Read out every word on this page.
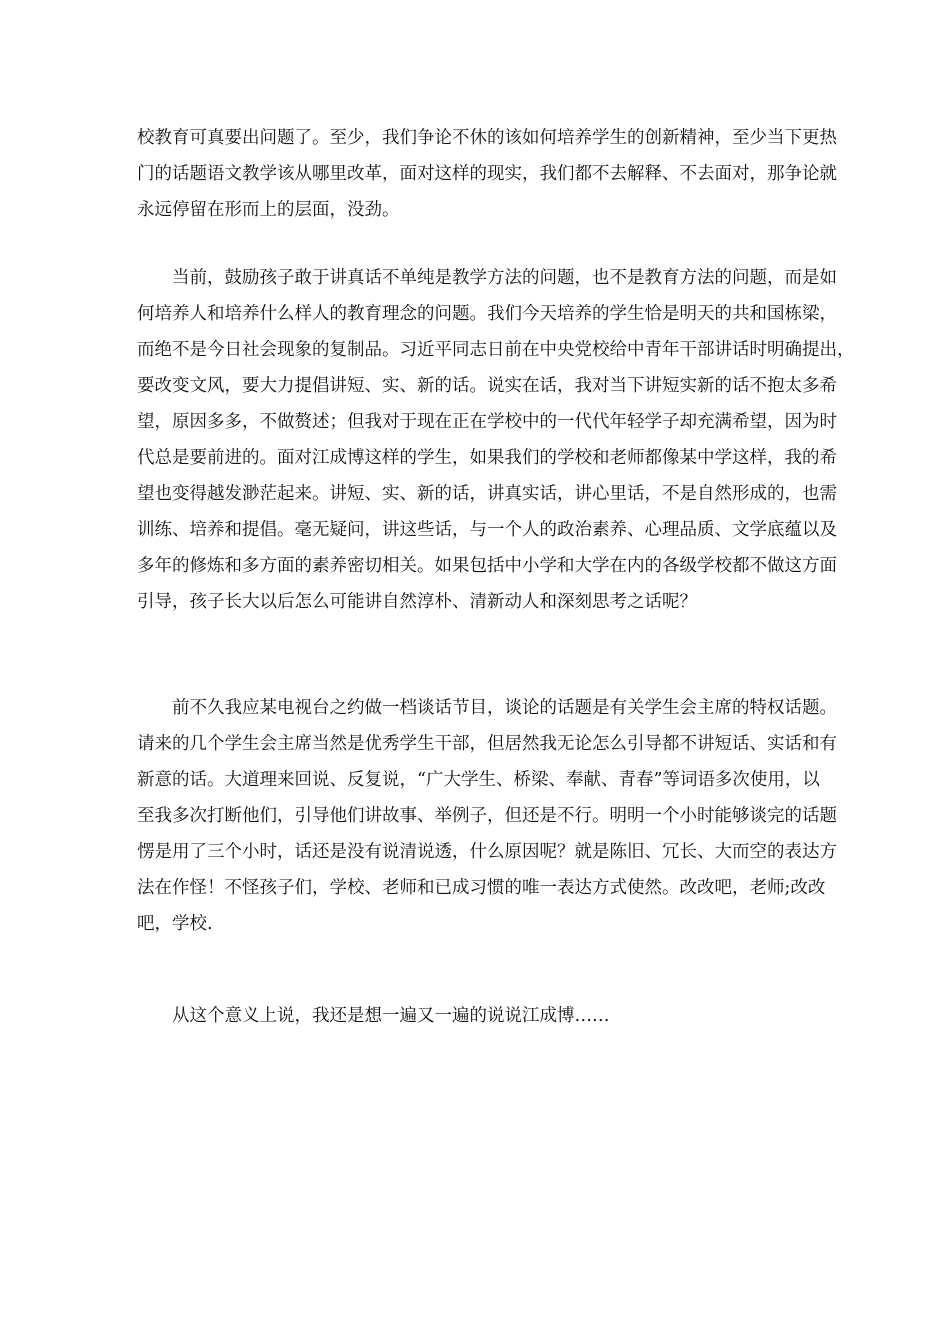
校教育可真要出问题了。至少，我们争论不休的该如何培养学生的创新精神，至少当下更热
门的话题语文教学该从哪里改革，面对这样的现实，我们都不去解释、不去面对，那争论就
永远停留在形而上的层面，没劲。
当前，鼓励孩子敢于讲真话不单纯是教学方法的问题，也不是教育方法的问题，而是如
何培养人和培养什么样人的教育理念的问题。我们今天培养的学生恰是明天的共和国栋梁，
而绝不是今日社会现象的复制品。习近平同志日前在中央党校给中青年干部讲话时明确提出，
要改变文风，要大力提倡讲短、实、新的话。说实在话，我对当下讲短实新的话不抱太多希
望，原因多多，不做赘述；但我对于现在正在学校中的一代代年轻学子却充满希望，因为时
代总是要前进的。面对江成博这样的学生，如果我们的学校和老师都像某中学这样，我的希
望也变得越发渺茫起来。讲短、实、新的话，讲真实话，讲心里话，不是自然形成的，也需
训练、培养和提倡。毫无疑问，讲这些话，与一个人的政治素养、心理品质、文学底蕴以及
多年的修炼和多方面的素养密切相关。如果包括中小学和大学在内的各级学校都不做这方面
引导，孩子长大以后怎么可能讲自然淳朴、清新动人和深刻思考之话呢？
前不久我应某电视台之约做一档谈话节目，谈论的话题是有关学生会主席的特权话题。
请来的几个学生会主席当然是优秀学生干部，但居然我无论怎么引导都不讲短话、实话和有
新意的话。大道理来回说、反复说，“广大学生、桥梁、奉献、青春”等词语多次使用，以
至我多次打断他们，引导他们讲故事、举例子，但还是不行。明明一个小时能够谈完的话题
愣是用了三个小时，话还是没有说清说透，什么原因呢？就是陈旧、冗长、大而空的表达方
法在作怪！不怪孩子们，学校、老师和已成习惯的唯一表达方式使然。改改吧，老师;改改
吧，学校.
从这个意义上说，我还是想一遍又一遍的说说江成博……
